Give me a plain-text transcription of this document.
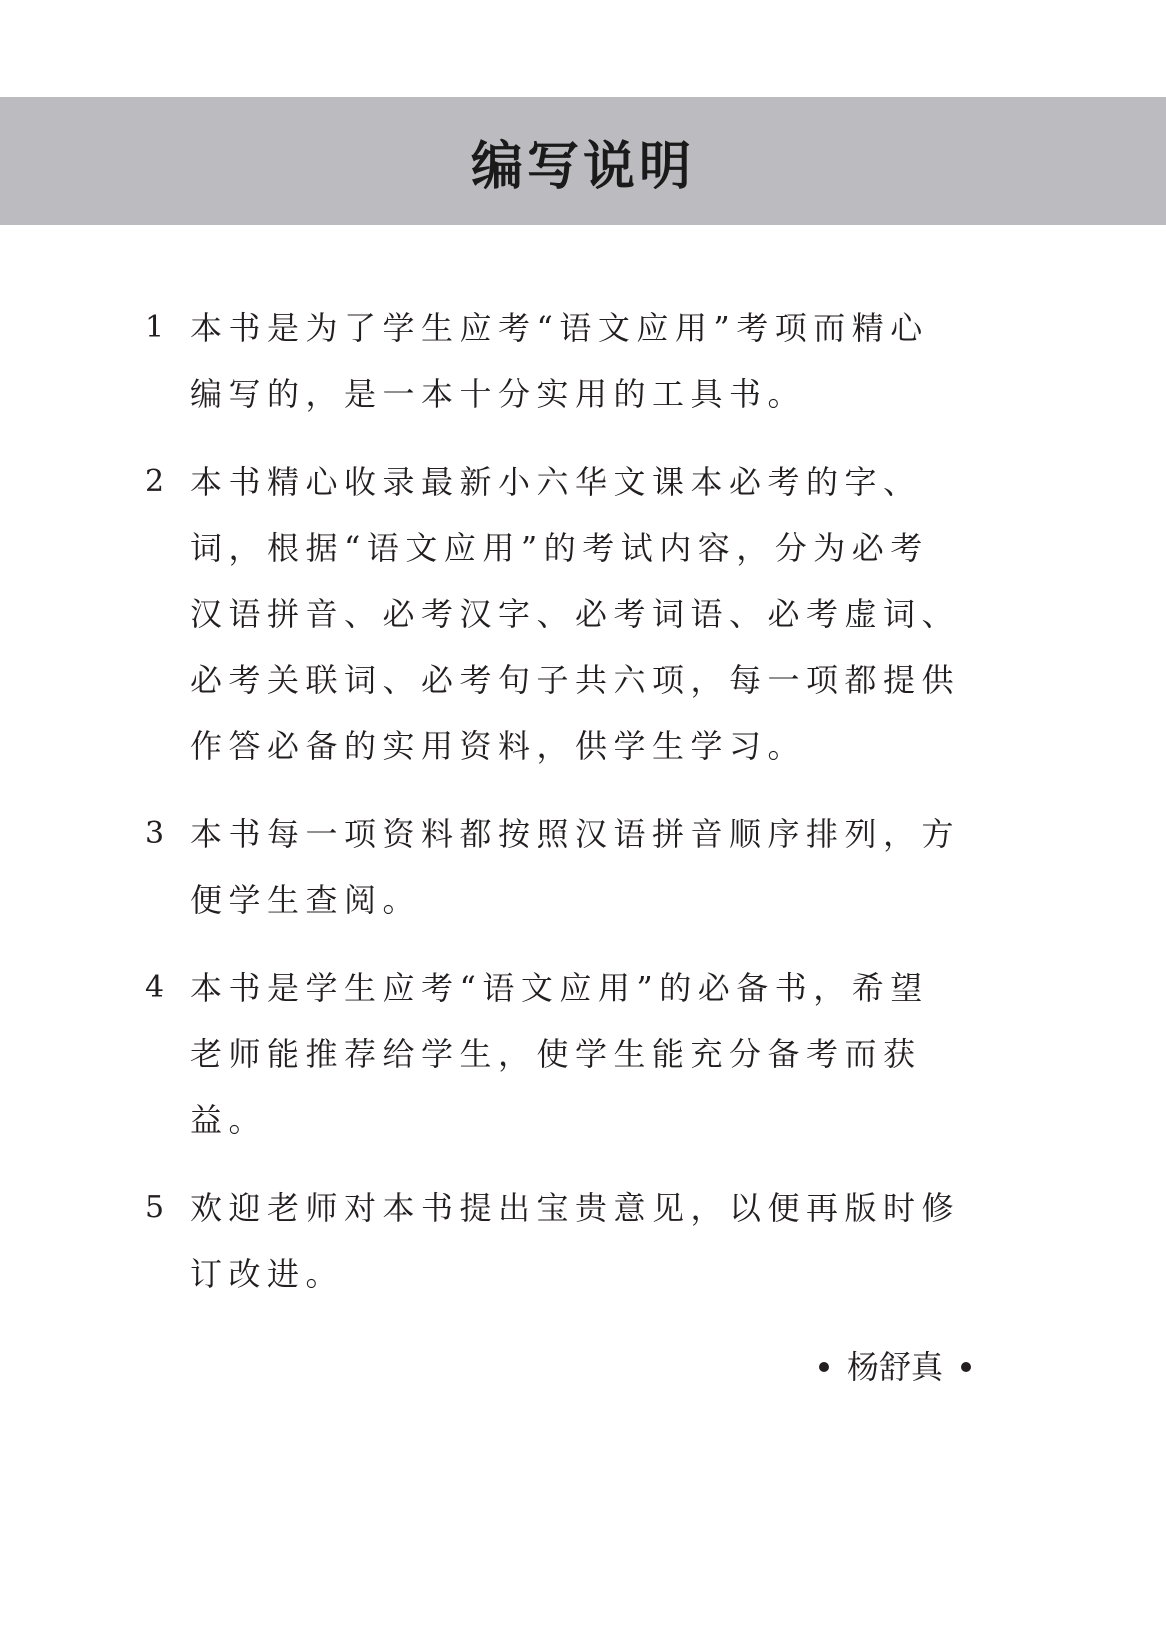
编写说明
1 本书是为了学生应考“语文应用”考项而精心
编写的，是一本十分实用的工具书。
2 本书精心收录最新小六华文课本必考的字、
词，根据“语文应用”的考试内容，分为必考
汉语拼音、必考汉字、必考词语、必考虚词、
必考关联词、必考句子共六项，每一项都提供
作答必备的实用资料，供学生学习。
3 本书每一项资料都按照汉语拼音顺序排列，方
便学生查阅。
4 本书是学生应考“语文应用”的必备书，希望
老师能推荐给学生，使学生能充分备考而获
益。
5 欢迎老师对本书提出宝贵意见，以便再版时修
订改进。
杨舒真
